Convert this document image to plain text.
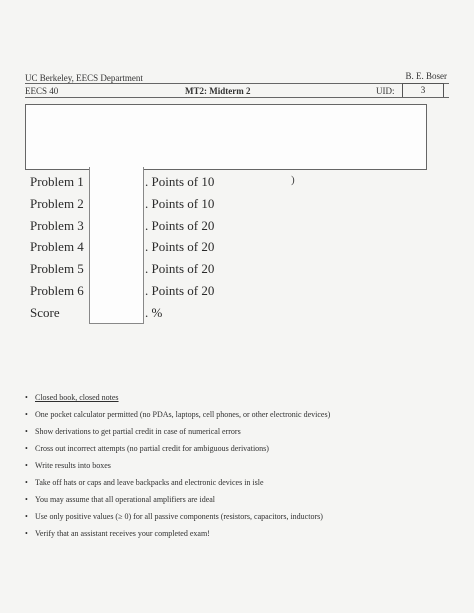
UC Berkeley, EECS Department	B. E. Boser
EECS 40	MT2: Midterm 2	UID:	3
)
Problem 1	. Points of 10
Problem 2	. Points of 10
Problem 3	. Points of 20
Problem 4	. Points of 20
Problem 5	. Points of 20
Problem 6	. Points of 20
Score	. %
• Closed book, closed notes
• One pocket calculator permitted (no PDAs, laptops, cell phones, or other electronic devices)
• Show derivations to get partial credit in case of numerical errors
• Cross out incorrect attempts (no partial credit for ambiguous derivations)
• Write results into boxes
• Take off hats or caps and leave backpacks and electronic devices in isle
• You may assume that all operational amplifiers are ideal
• Use only positive values (≥ 0) for all passive components (resistors, capacitors, inductors)
• Verify that an assistant receives your completed exam!
